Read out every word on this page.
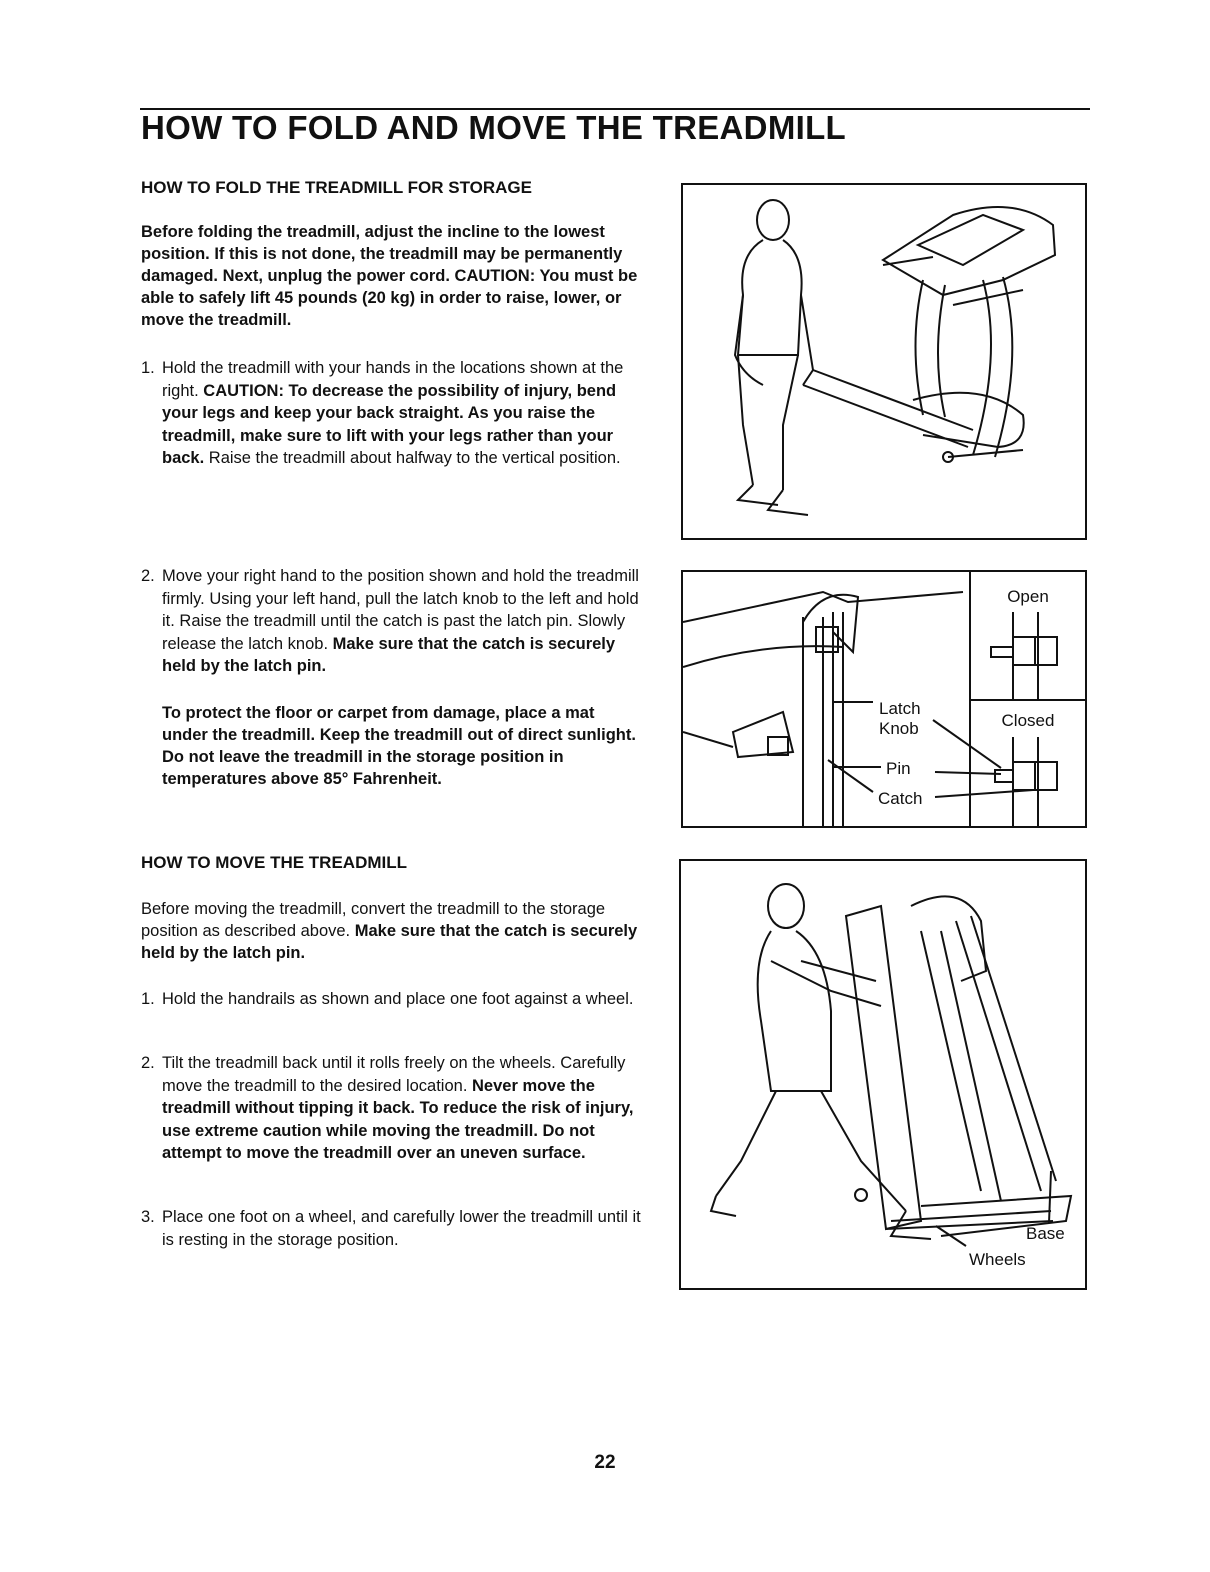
HOW TO FOLD AND MOVE THE TREADMILL
HOW TO FOLD THE TREADMILL FOR STORAGE

Before folding the treadmill, adjust the incline to the lowest position. If this is not done, the treadmill may be permanently damaged. Next, unplug the power cord. CAUTION: You must be able to safely lift 45 pounds (20 kg) in order to raise, lower, or move the treadmill.

1. Hold the treadmill with your hands in the locations shown at the right. CAUTION: To decrease the possibility of injury, bend your legs and keep your back straight. As you raise the treadmill, make sure to lift with your legs rather than your back. Raise the treadmill about halfway to the vertical position.
2. Move your right hand to the position shown and hold the treadmill firmly. Using your left hand, pull the latch knob to the left and hold it. Raise the treadmill until the catch is past the latch pin. Slowly release the latch knob. Make sure that the catch is securely held by the latch pin.

To protect the floor or carpet from damage, place a mat under the treadmill. Keep the treadmill out of direct sunlight. Do not leave the treadmill in the storage position in temperatures above 85° Fahrenheit.

HOW TO MOVE THE TREADMILL

Before moving the treadmill, convert the treadmill to the storage position as described above. Make sure that the catch is securely held by the latch pin.

1. Hold the handrails as shown and place one foot against a wheel.
2. Tilt the treadmill back until it rolls freely on the wheels. Carefully move the treadmill to the desired location. Never move the treadmill without tipping it back. To reduce the risk of injury, use extreme caution while moving the treadmill. Do not attempt to move the treadmill over an uneven surface.
3. Place one foot on a wheel, and carefully lower the treadmill until it is resting in the storage position.
Open
Closed
Latch
Knob
Pin
Catch
Base
Wheels
22
